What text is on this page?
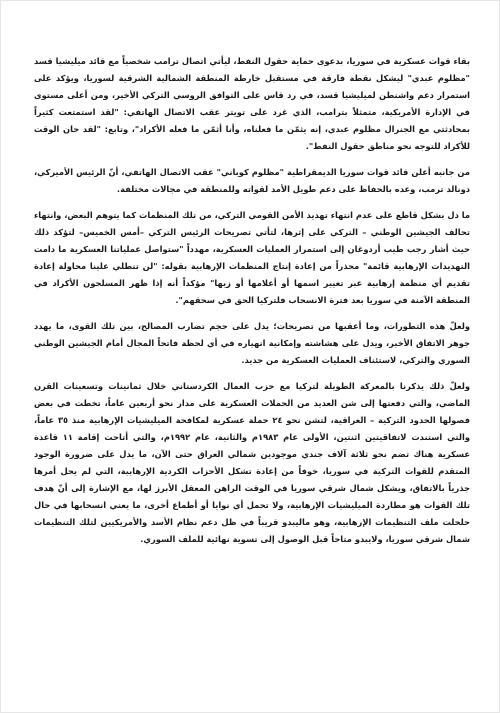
بقاء قوات عسكرية في سوريا، بدعوى حماية حقول النفط، ليأتي اتصال ترامب شخصياً مع قائد ميليشيا قسد "مظلوم عبدي" ليشكل نقطة فارقة في مستقبل خارطة المنطقة الشمالية الشرقية لسوريا، ويؤكد على استمرار دعم واشنطن لميليشيا قسد، في رد قاس على التوافق الروسي التركي الأخير، ومن أعلى مستوى في الإدارة الأمريكية، متمثلاً بترامب، الذي غرد على تويتر عقب الاتصال الهاتفي: "لقد استمتعت كثيراً بمحادثتي مع الجنرال مظلوم عبدي، إنه يثمّن ما فعلناه، وأنا أثمّن ما فعله الأكراد"، وتابع: "لقد حان الوقت للأكراد للتوجه نحو مناطق حقول النفط".

من جانبه أعلن قائد قوات سوريا الديمقراطية "مظلوم كوباني" عقب الاتصال الهاتفي، أنّ الرئيس الأميركي، دونالد ترمب، وعده بالحفاظ على دعم طويل الأمد لقواته وللمنطقة في مجالات مختلفة.

ما دل بشكل قاطع على عدم انتهاء تهديد الأمن القومي التركي، من تلك المنظمات كما يتوهم البعض، وانتهاء تحالف الجيشين الوطني – التركي على إثرها، لتأتي تصريحات الرئيس التركي –أمس الخميس– لتؤكد ذلك حيث أشار رجب طيب أردوغان إلى استمرار العمليات العسكرية، مهدداً "ستواصل عملياتنا العسكرية ما دامت التهديدات الإرهابية قائمة" محذراً من إعادة إنتاج المنظمات الإرهابية بقوله: "لن تنطلي علينا محاولة إعادة تقديم أي منظمة إرهابية عبر تغيير اسمها أو أعلامها أو زيها" مؤكداً أنه إذا ظهر المسلحون الأكراد في المنطقة الآمنة في سوريا بعد فترة الانسحاب فلتركيا الحق في سحقهم".

ولعلّ هذه التطورات، وما أعقبها من تصريحات؛ يدل على حجم تضارب المصالح، بين تلك القوى، ما يهدد جوهر الاتفاق الأخير، ويدل على هشاشته وإمكانية انهياره في أي لحظة فاتحاً المجال أمام الجيشين الوطني السوري والتركي، لاستئناف العمليات العسكرية من جديد.

ولعلّ ذلك يذكرنا بالمعركة الطويلة لتركيا مع حزب العمال الكردستاني خلال ثمانينات وتسعينات القرن الماضي، والتي دفعتها إلى شن العديد من الحملات العسكرية على مدار نحو أربعين عاماً، تخطت في بعض فصولها الحدود التركية – العراقية، لتشن نحو ٢٤ حملة عسكرية لمكافحة الميليشيات الإرهابية منذ ٣٥ عاماً، والتي استندت لاتفاقيتين اثنتين، الأولى عام ١٩٨٣م والثانية، عام ١٩٩٢م، والتي أتاحت إقامة ١١ قاعدة عسكرية هناك تضم نحو ثلاثة آلاف جندي موجودين شمالي العراق حتى الآن، ما يدل على ضرورة الوجود المتقدم للقوات التركية في سوريا، خوفاً من إعادة تشكل الأحزاب الكردية الإرهابية، التي لم يحل أمرها جذرياً بالاتفاق، ويشكل شمال شرقي سوريا في الوقت الراهن المعقل الأبرز لها، مع الإشارة إلى أنّ هدف تلك القوات هو مطاردة الميليشيات الإرهابية، ولا تحمل أي نوايا أو أطماع أخرى، ما يعني انسحابها في حال حلحلت ملف التنظيمات الإرهابية، وهو ماليبدو قريباً في ظل دعم نظام الأسد والأمريكيين لتلك التنظيمات شمال شرقي سوريا، ولايبدو متاحاً قبل الوصول إلى تسوية نهائية للملف السوري.
